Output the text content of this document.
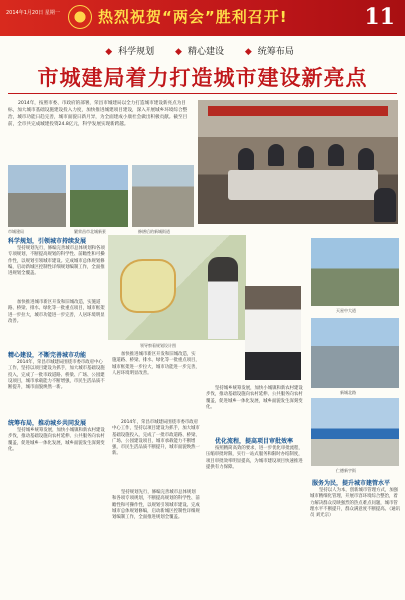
2014年1月20日 星期一	热烈祝贺“两会”胜利召开!	11
◆ 科学规划 ◆ 精心建设 ◆ 统筹布局
市城建局着力打造城市建设新亮点
2014年，按照市委、市政府的部署，荣昌市城建局以全力打造城市建设新亮点为目标，加大城市基础设施建设投入力度，加快推进城建项目建设，深入开展城乡环境综合整治，城市功能日趋完善，城市面貌日新月异，为全面建成小康社会做出积极贡献。截至目前，全市共完成城建投资24.8亿元，科学发展实现新跨越。
市城建局	繁荣昌市北城新景	修缮后的新城街道
科学规划，引领城市持续发展
坚持规划先行，修编完善城市总体规划和各项专项规划，不断提高规划的科学性、前瞻性和可操作性，以规划引领城市建设。完成城市总体规划修编，启动新城区控制性详细规划编制工作，全面推进规划全覆盖。
加快推进城市新区开发和旧城改造，实施道路、桥梁、排水、绿化等一批重点项目，城市框架进一步拉大，城市功能进一步完善，人居环境明显改善。
精心建设，不断完善城市功能
2014年，荣昌市城建局围绕市委市政府中心工作，坚持以项目建设为抓手，加大城市基础设施投入，完成了一批市政道路、桥梁、广场、公园建设项目，城市承载能力不断增强，市民生活品质不断提升，城市面貌焕然一新。
统筹布局，推动城乡共同发展
坚持城乡统筹发展，加快小城镇和新农村建设步伐，推动基础设施向农村延伸、公共服务向农村覆盖，促进城乡一体化发展，城乡面貌发生深刻变化。
领导察看规划设计图
加快推进城市新区开发和旧城改造，实施道路、桥梁、排水、绿化等一批重点项目，城市框架进一步拉大，城市功能进一步完善，人居环境明显改善。
2014年，荣昌市城建局围绕市委市政府中心工作，坚持以项目建设为抓手，加大城市基础设施投入，完成了一批市政道路、桥梁、广场、公园建设项目，城市承载能力不断增强，市民生活品质不断提升，城市面貌焕然一新。
坚持规划先行，修编完善城市总体规划和各项专项规划，不断提高规划的科学性、前瞻性和可操作性，以规划引领城市建设。完成城市总体规划修编，启动新城区控制性详细规划编制工作，全面推进规划全覆盖。
坚持城乡统筹发展，加快小城镇和新农村建设步伐，推动基础设施向农村延伸、公共服务向农村覆盖，促进城乡一体化发展，城乡面貌发生深刻变化。
优化流程，提高项目审批效率
按照精简高效的要求，进一步优化审批流程，压缩审批时限，实行一站式服务和限时办结制度，项目审批效率明显提高，为城市建设项目快速推进提供有力保障。
天星中大道
新城北路
仁德新宇街
服务为民，提升城市建管水平
坚持以人为本，创新城市管理方式，加强城市精细化管理，开展市容环境综合整治，着力解决群众反映强烈的热点难点问题，城市管理水平不断提升，群众满意度不断提高。（通讯员 刘光宗）
